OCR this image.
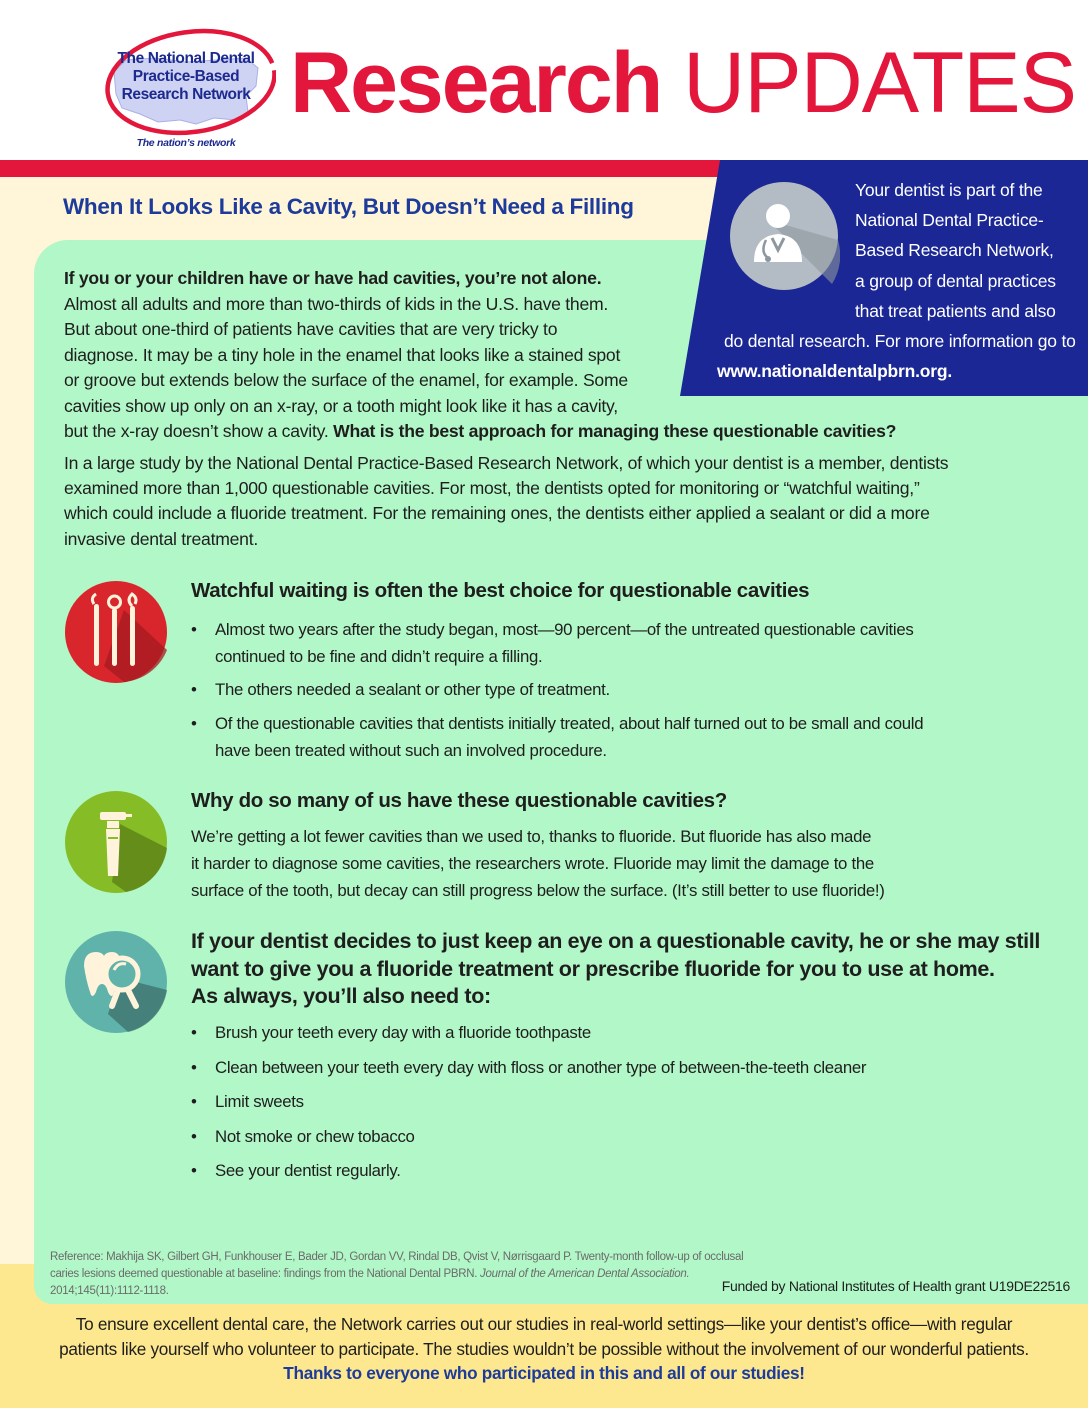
The National Dental
Practice-Based
Research Network
The nation’s network
Research UPDATES
Your dentist is part of the
National Dental Practice-
Based Research Network,
a group of dental practices
that treat patients and also
do dental research. For more information go to
www.nationaldentalpbrn.org.
When It Looks Like a Cavity, But Doesn’t Need a Filling
If you or your children have or have had cavities, you’re not alone.
Almost all adults and more than two-thirds of kids in the U.S. have them.
But about one-third of patients have cavities that are very tricky to
diagnose. It may be a tiny hole in the enamel that looks like a stained spot
or groove but extends below the surface of the enamel, for example. Some
cavities show up only on an x-ray, or a tooth might look like it has a cavity,
but the x-ray doesn’t show a cavity. What is the best approach for managing these questionable cavities?
In a large study by the National Dental Practice-Based Research Network, of which your dentist is a member, dentists
examined more than 1,000 questionable cavities. For most, the dentists opted for monitoring or “watchful waiting,”
which could include a fluoride treatment. For the remaining ones, the dentists either applied a sealant or did a more
invasive dental treatment.
Watchful waiting is often the best choice for questionable cavities
• Almost two years after the study began, most—90 percent—of the untreated questionable cavities
continued to be fine and didn’t require a filling.
• The others needed a sealant or other type of treatment.
• Of the questionable cavities that dentists initially treated, about half turned out to be small and could
have been treated without such an involved procedure.
Why do so many of us have these questionable cavities?
We’re getting a lot fewer cavities than we used to, thanks to fluoride. But fluoride has also made
it harder to diagnose some cavities, the researchers wrote. Fluoride may limit the damage to the
surface of the tooth, but decay can still progress below the surface. (It’s still better to use fluoride!)
If your dentist decides to just keep an eye on a questionable cavity, he or she may still
want to give you a fluoride treatment or prescribe fluoride for you to use at home.
As always, you’ll also need to:
• Brush your teeth every day with a fluoride toothpaste
• Clean between your teeth every day with floss or another type of between-the-teeth cleaner
• Limit sweets
• Not smoke or chew tobacco
• See your dentist regularly.
Reference: Makhija SK, Gilbert GH, Funkhouser E, Bader JD, Gordan VV, Rindal DB, Qvist V, Nørrisgaard P. Twenty-month follow-up of occlusal
caries lesions deemed questionable at baseline: findings from the National Dental PBRN. Journal of the American Dental Association.
2014;145(11):1112-1118.	Funded by National Institutes of Health grant U19DE22516
To ensure excellent dental care, the Network carries out our studies in real-world settings—like your dentist’s office—with regular
patients like yourself who volunteer to participate. The studies wouldn’t be possible without the involvement of our wonderful patients.
Thanks to everyone who participated in this and all of our studies!
